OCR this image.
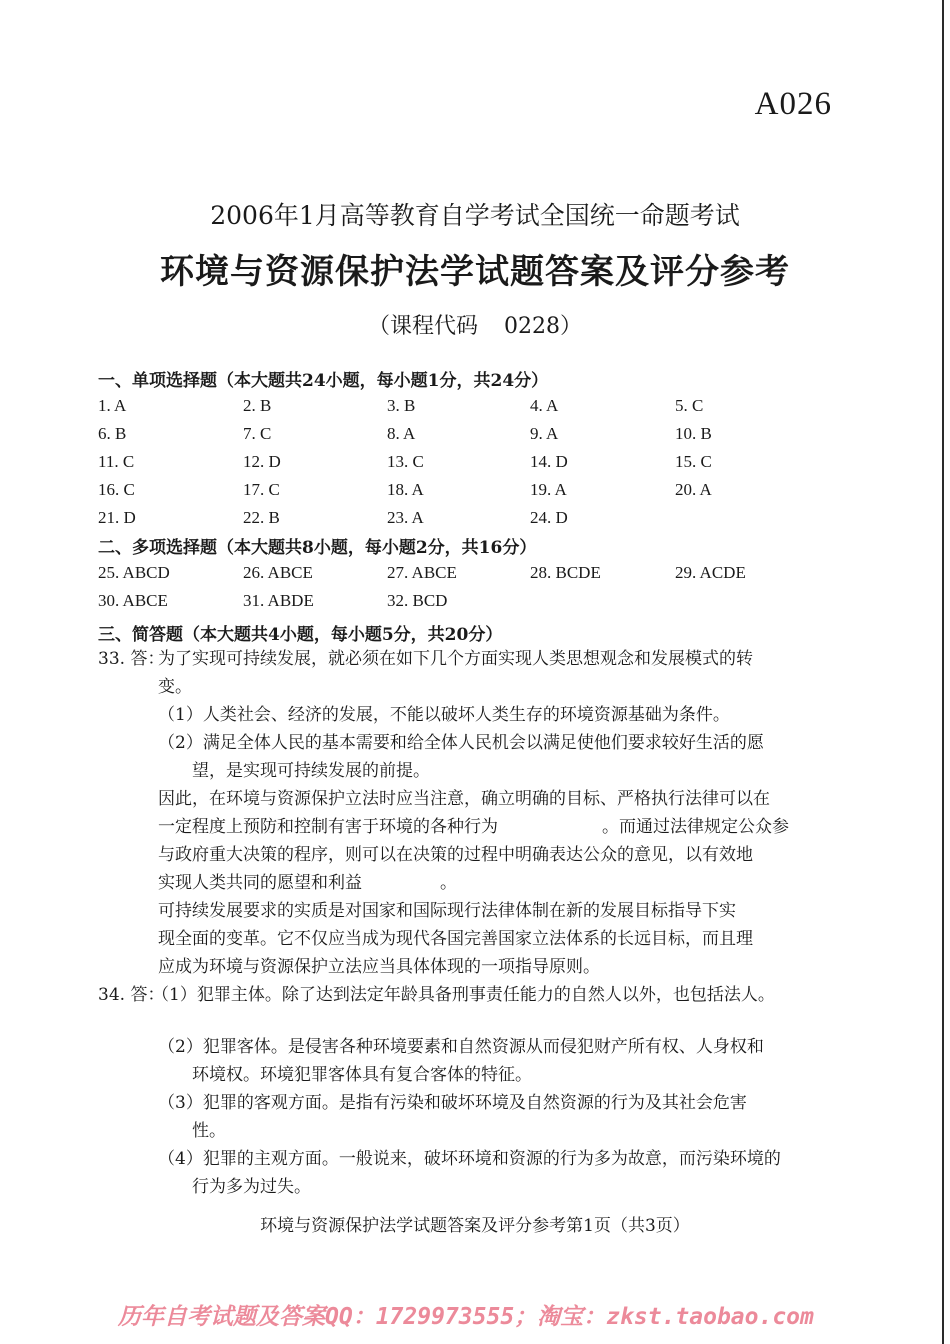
A026
2006年1月高等教育自学考试全国统一命题考试
环境与资源保护法学试题答案及评分参考
（课程代码 0228）
一、单项选择题（本大题共24小题，每小题1分，共24分）
1. A	2. B	3. B	4. A	5. C
6. B	7. C	8. A	9. A	10. B
11. C	12. D	13. C	14. D	15. C
16. C	17. C	18. A	19. A	20. A
21. D	22. B	23. A	24. D
二、多项选择题（本大题共8小题，每小题2分，共16分）
25. ABCD	26. ABCE	27. ABCE	28. BCDE	29. ACDE
30. ABCE	31. ABDE	32. BCD
三、简答题（本大题共4小题，每小题5分，共20分）
33. 答：
为了实现可持续发展，就必须在如下几个方面实现人类思想观念和发展模式的转
变。
（1）人类社会、经济的发展，不能以破坏人类生存的环境资源基础为条件。
（2）满足全体人民的基本需要和给全体人民机会以满足使他们要求较好生活的愿
望，是实现可持续发展的前提。
因此，在环境与资源保护立法时应当注意，确立明确的目标、严格执行法律可以在
一定程度上预防和控制有害于环境的各种行为	。而通过法律规定公众参
与政府重大决策的程序，则可以在决策的过程中明确表达公众的意见，以有效地
实现人类共同的愿望和利益	。
可持续发展要求的实质是对国家和国际现行法律体制在新的发展目标指导下实
现全面的变革。它不仅应当成为现代各国完善国家立法体系的长远目标，而且理
应成为环境与资源保护立法应当具体体现的一项指导原则。
34. 答：
（1）犯罪主体。除了达到法定年龄具备刑事责任能力的自然人以外，也包括法人。
（2）犯罪客体。是侵害各种环境要素和自然资源从而侵犯财产所有权、人身权和
环境权。环境犯罪客体具有复合客体的特征。
（3）犯罪的客观方面。是指有污染和破坏环境及自然资源的行为及其社会危害
性。
（4）犯罪的主观方面。一般说来，破坏环境和资源的行为多为故意，而污染环境的
行为多为过失。
环境与资源保护法学试题答案及评分参考第1页（共3页）
历年自考试题及答案QQ：1729973555；淘宝：zkst.taobao.com
